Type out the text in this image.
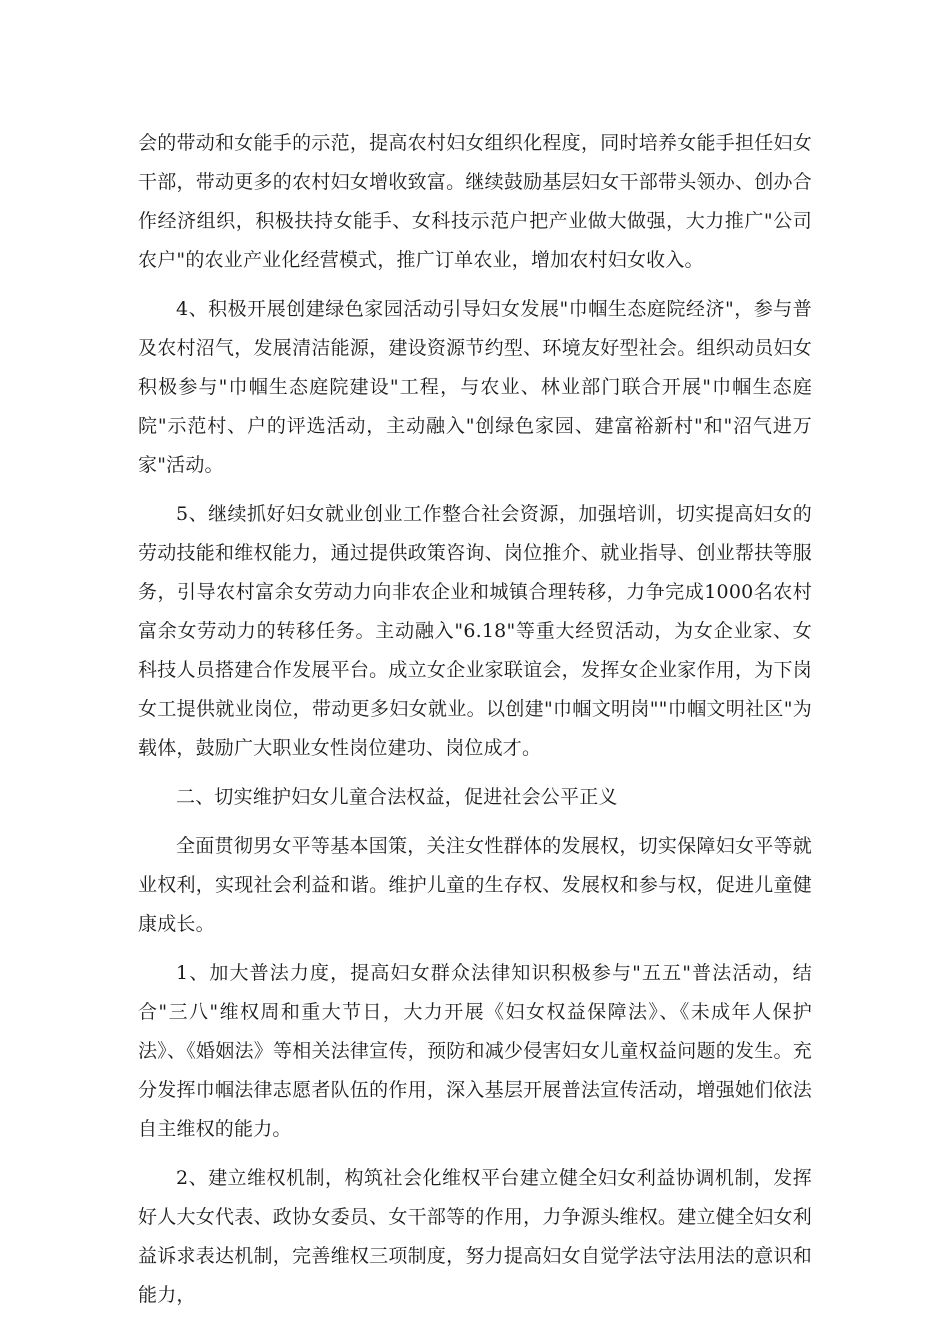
会的带动和女能手的示范，提高农村妇女组织化程度，同时培养女能手担任妇女干部，带动更多的农村妇女增收致富。继续鼓励基层妇女干部带头领办、创办合作经济组织，积极扶持女能手、女科技示范户把产业做大做强，大力推广"公司农户"的农业产业化经营模式，推广订单农业，增加农村妇女收入。

4、积极开展创建绿色家园活动引导妇女发展"巾帼生态庭院经济"，参与普及农村沼气，发展清洁能源，建设资源节约型、环境友好型社会。组织动员妇女积极参与"巾帼生态庭院建设"工程，与农业、林业部门联合开展"巾帼生态庭院"示范村、户的评选活动，主动融入"创绿色家园、建富裕新村"和"沼气进万家"活动。

5、继续抓好妇女就业创业工作整合社会资源，加强培训，切实提高妇女的劳动技能和维权能力，通过提供政策咨询、岗位推介、就业指导、创业帮扶等服务，引导农村富余女劳动力向非农企业和城镇合理转移，力争完成1000名农村富余女劳动力的转移任务。主动融入"6.18"等重大经贸活动，为女企业家、女科技人员搭建合作发展平台。成立女企业家联谊会，发挥女企业家作用，为下岗女工提供就业岗位，带动更多妇女就业。以创建"巾帼文明岗""巾帼文明社区"为载体，鼓励广大职业女性岗位建功、岗位成才。

二、切实维护妇女儿童合法权益，促进社会公平正义

全面贯彻男女平等基本国策，关注女性群体的发展权，切实保障妇女平等就业权利，实现社会利益和谐。维护儿童的生存权、发展权和参与权，促进儿童健康成长。

1、加大普法力度，提高妇女群众法律知识积极参与"五五"普法活动，结合"三八"维权周和重大节日，大力开展《妇女权益保障法》、《未成年人保护法》、《婚姻法》等相关法律宣传，预防和减少侵害妇女儿童权益问题的发生。充分发挥巾帼法律志愿者队伍的作用，深入基层开展普法宣传活动，增强她们依法自主维权的能力。

2、建立维权机制，构筑社会化维权平台建立健全妇女利益协调机制，发挥好人大女代表、政协女委员、女干部等的作用，力争源头维权。建立健全妇女利益诉求表达机制，完善维权三项制度，努力提高妇女自觉学法守法用法的意识和能力，
